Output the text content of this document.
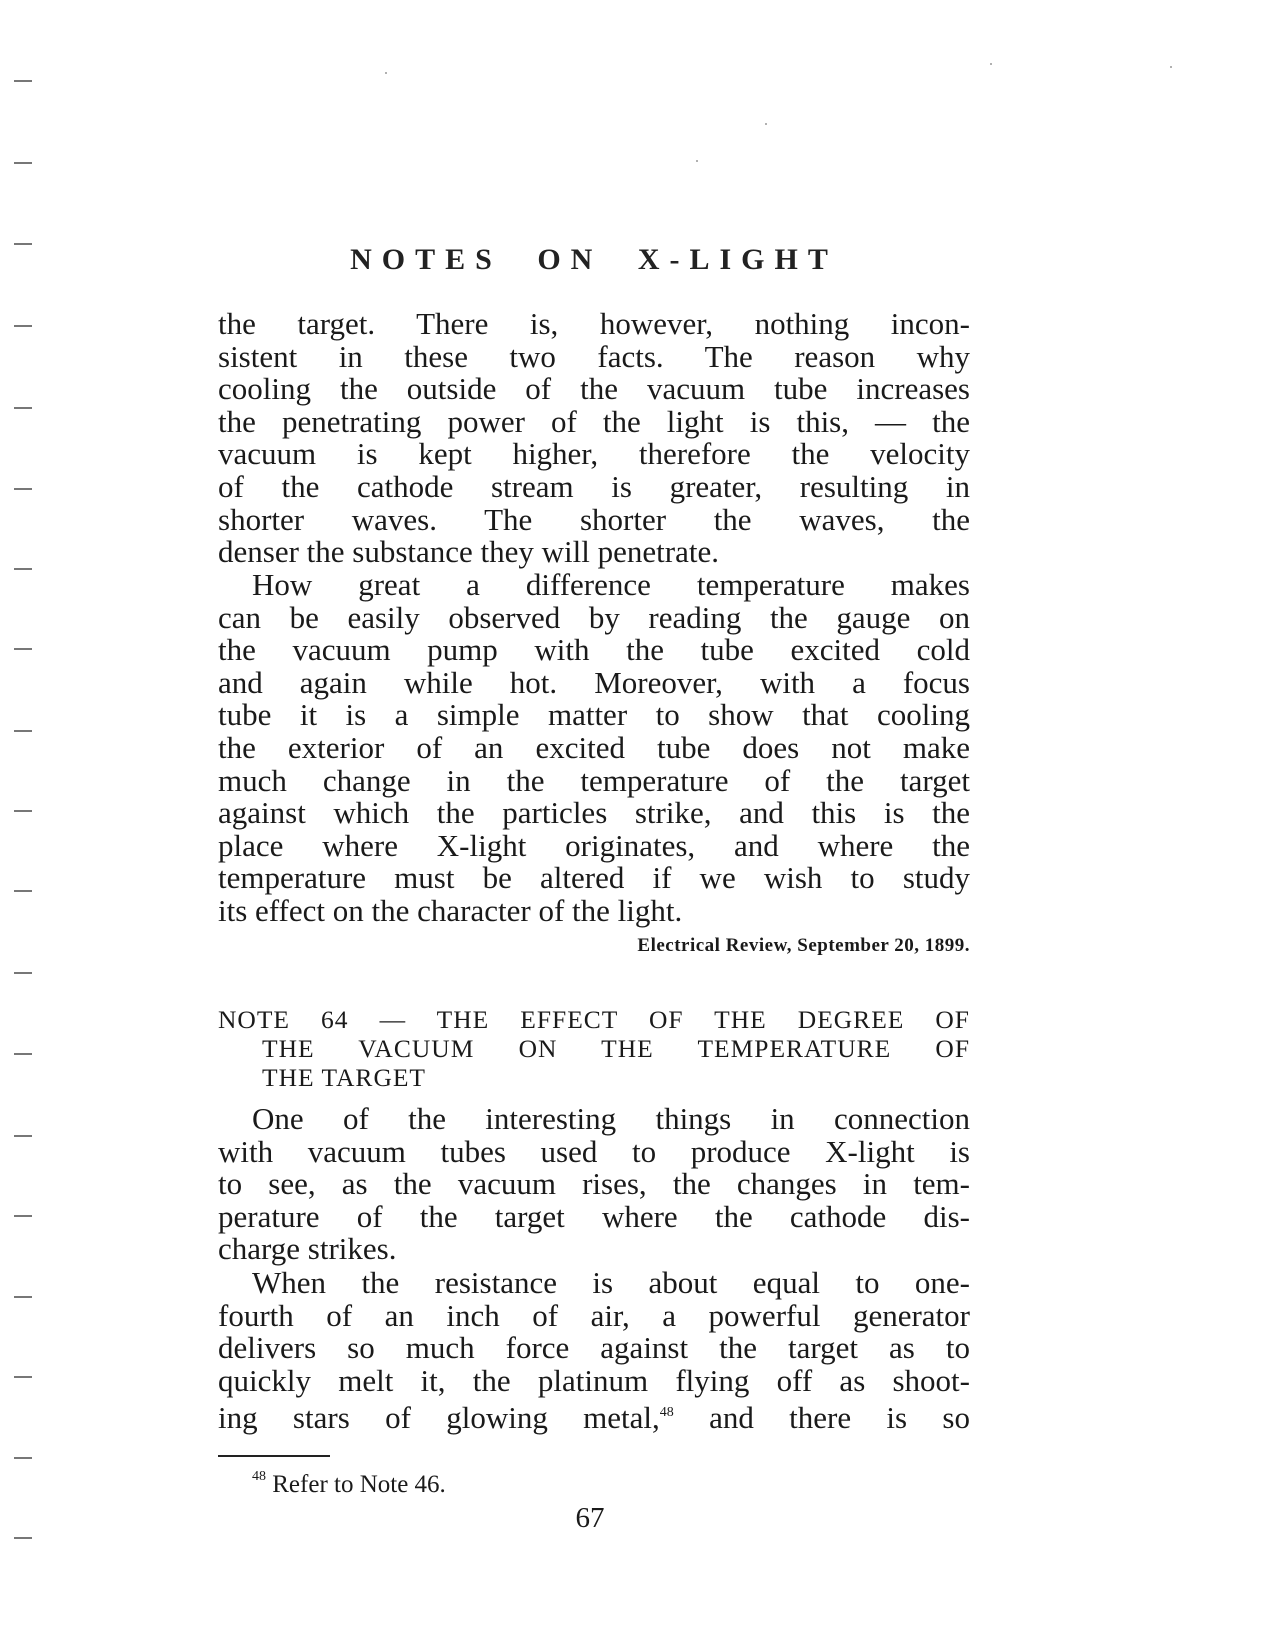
NOTES ON X-LIGHT
the target. There is, however, nothing incon-
sistent in these two facts. The reason why
cooling the outside of the vacuum tube increases
the penetrating power of the light is this, — the
vacuum is kept higher, therefore the velocity
of the cathode stream is greater, resulting in
shorter waves. The shorter the waves, the
denser the substance they will penetrate.
How great a difference temperature makes
can be easily observed by reading the gauge on
the vacuum pump with the tube excited cold
and again while hot. Moreover, with a focus
tube it is a simple matter to show that cooling
the exterior of an excited tube does not make
much change in the temperature of the target
against which the particles strike, and this is the
place where X-light originates, and where the
temperature must be altered if we wish to study
its effect on the character of the light.
Electrical Review, September 20, 1899.
NOTE 64 — THE EFFECT OF THE DEGREE OF
THE VACUUM ON THE TEMPERATURE OF
THE TARGET
One of the interesting things in connection
with vacuum tubes used to produce X-light is
to see, as the vacuum rises, the changes in tem-
perature of the target where the cathode dis-
charge strikes.
When the resistance is about equal to one-
fourth of an inch of air, a powerful generator
delivers so much force against the target as to
quickly melt it, the platinum flying off as shoot-
ing stars of glowing metal,$^{48}$ and there is so
$^{48}$ Refer to Note 46.
67
